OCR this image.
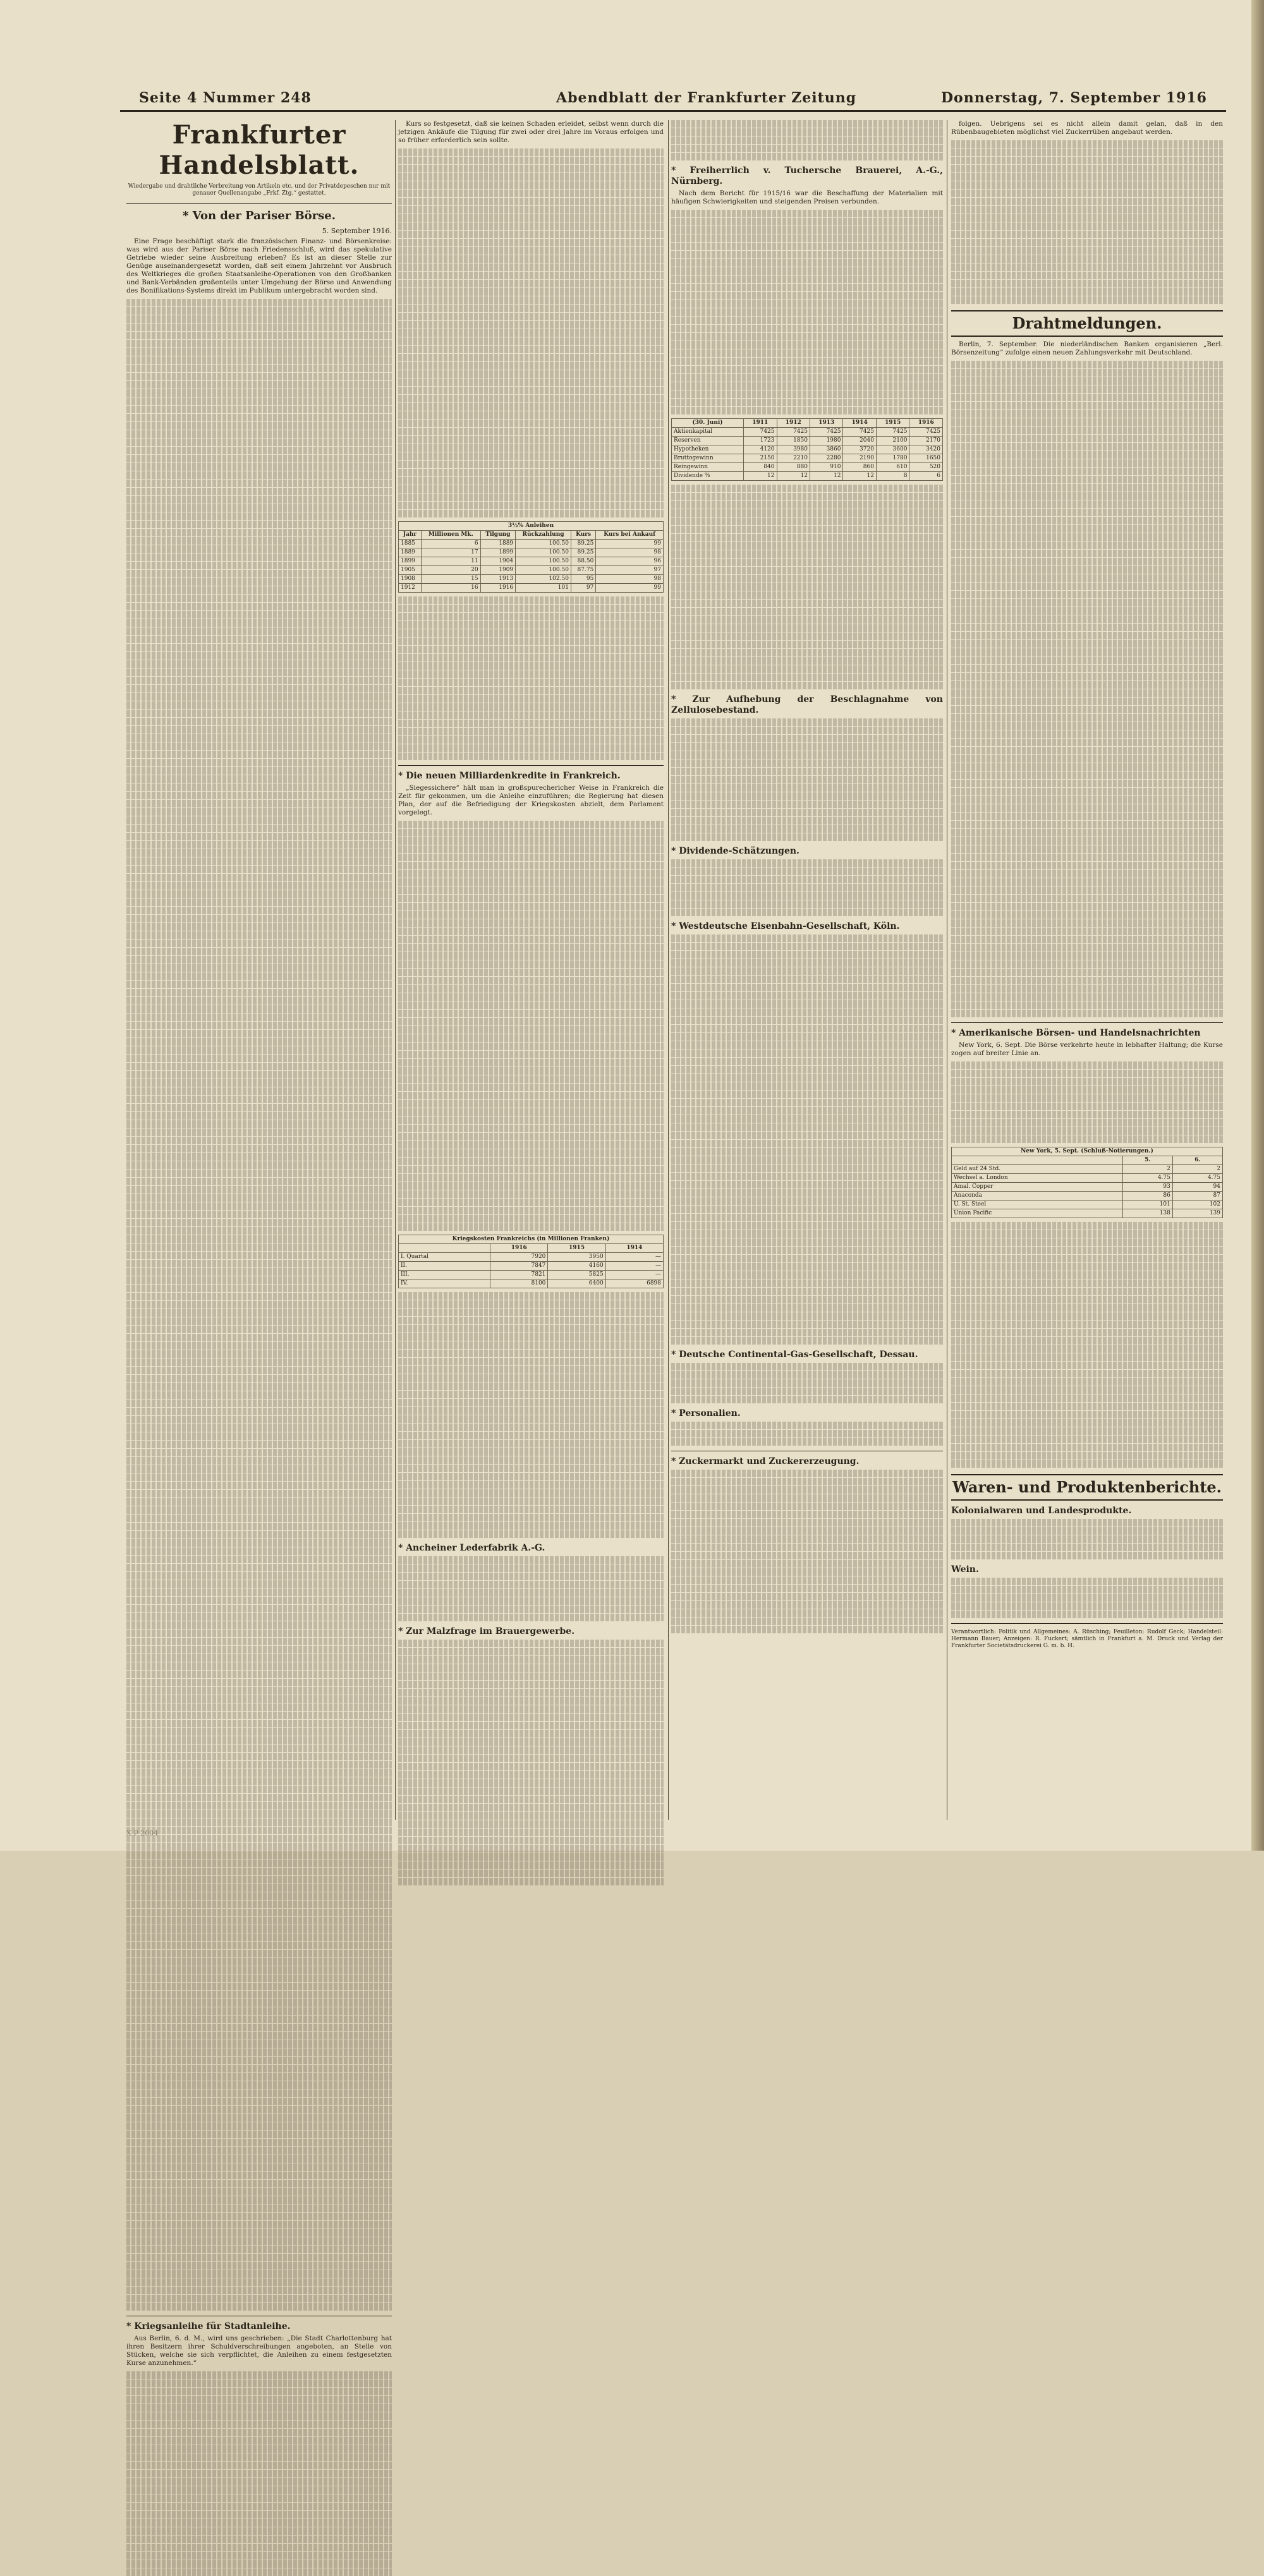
Seite 4 Nummer 248	Abendblatt der Frankfurter Zeitung	Donnerstag, 7. September 1916
Frankfurter Handelsblatt.
Wiedergabe und drahtliche Verbreitung von Artikeln etc. und der Privatdepeschen nur mit genauer Quellenangabe „Frkf. Ztg.“ gestattet.
* Von der Pariser Börse.
5. September 1916.

Eine Frage beschäftigt stark die französischen Finanz- und Börsenkreise: was wird aus der Pariser Börse nach Friedensschluß, wird das spekulative Getriebe wieder seine Ausbreitung erleben? Es ist an dieser Stelle zur Genüge auseinandergesetzt worden, daß seit einem Jahrzehnt vor Ausbruch des Weltkrieges die großen Staatsanleihe-Operationen von den Großbanken und Bank-Verbänden großenteils unter Umgehung der Börse und Anwendung des Bonifikations-Systems direkt im Publikum untergebracht worden sind.

* Kriegsanleihe für Stadtanleihe.

Aus Berlin, 6. d. M., wird uns geschrieben: „Die Stadt Charlottenburg hat ihren Besitzern ihrer Schuldverschreibungen angeboten, an Stelle von Stücken, welche sie sich verpflichtet, die Anleihen zu einem festgesetzten Kurse anzunehmen.“

Kurs so festgesetzt, daß sie keinen Schaden erleidet, selbst wenn durch die jetzigen Ankäufe die Tilgung für zwei oder drei Jahre im Voraus erfolgen und so früher erforderlich sein sollte.

3½% Anleihen					
Jahr	Millionen Mk.	Tilgung	Rückzahlung	Kurs	Kurs bei Ankauf
1885	6	1889	100.50	89.25	99
1889	17	1899	100.50	89.25	98
1899	11	1904	100.50	88.50	96
1905	20	1909	100.50	87.75	97
1908	15	1913	102.50	95	98
1912	16	1916	101	97	99
* Die neuen Milliardenkredite in Frankreich.

„Siegessichere“ hält man in großspurechericher Weise in Frankreich die Zeit für gekommen, um die Anleihe einzuführen; die Regierung hat diesen Plan, der auf die Befriedigung der Kriegskosten abzielt, dem Parlament vorgelegt.

Kriegskosten Frankreichs (in Millionen Franken)			
	1916	1915	1914
I. Quartal	7920	3950	—
II.	7847	4160	—
III.	7821	5825	—
IV.	8100	6400	6898
* Ancheiner Lederfabrik A.-G.
* Zur Malzfrage im Brauergewerbe.
* Freiherrlich v. Tuchersche Brauerei, A.-G., Nürnberg.

Nach dem Bericht für 1915/16 war die Beschaffung der Materialien mit häufigen Schwierigkeiten und steigenden Preisen verbunden.

(30. Juni)	1911	1912	1913	1914	1915	1916
Aktienkapital	7425	7425	7425	7425	7425	7425
Reserven	1723	1850	1980	2040	2100	2170
Hypotheken	4120	3980	3860	3720	3600	3420
Bruttogewinn	2150	2210	2280	2190	1780	1650
Reingewinn	840	880	910	860	610	520
Dividende %	12	12	12	12	8	6
* Zur Aufhebung der Beschlagnahme von Zellulosebestand.
* Dividende-Schätzungen.
* Westdeutsche Eisenbahn-Gesellschaft, Köln.
* Deutsche Continental-Gas-Gesellschaft, Dessau.
* Personalien.
* Zuckermarkt und Zuckererzeugung.

folgen. Uebrigens sei es nicht allein damit gelan, daß in den Rübenbaugebieten möglichst viel Zuckerrüben angebaut werden.

Drahtmeldungen.

Berlin, 7. September. Die niederländischen Banken organisieren „Berl. Börsenzeitung“ zufolge einen neuen Zahlungsverkehr mit Deutschland.

* Amerikanische Börsen- und Handelsnachrichten

New York, 6. Sept. Die Börse verkehrte heute in lebhafter Haltung; die Kurse zogen auf breiter Linie an.

New York, 5. Sept. (Schluß-Notierungen.)		
	5.	6.
Geld auf 24 Std.	2	2
Wechsel a. London	4.75	4.75
Amal. Copper	93	94
Anaconda	86	87
U. St. Steel	101	102
Union Pacific	138	139
Waren- und Produktenberichte.
Kolonialwaren und Landesprodukte.
Wein.

Verantwortlich: Politik und Allgemeines: A. Rüsching; Feuilleton: Rudolf Geck; Handelsteil: Hermann Bauer; Anzeigen: R. Fuckert; sämtlich in Frankfurt a. M. Druck und Verlag der Frankfurter Societätsdruckerei G. m. b. H.

X P 2004
